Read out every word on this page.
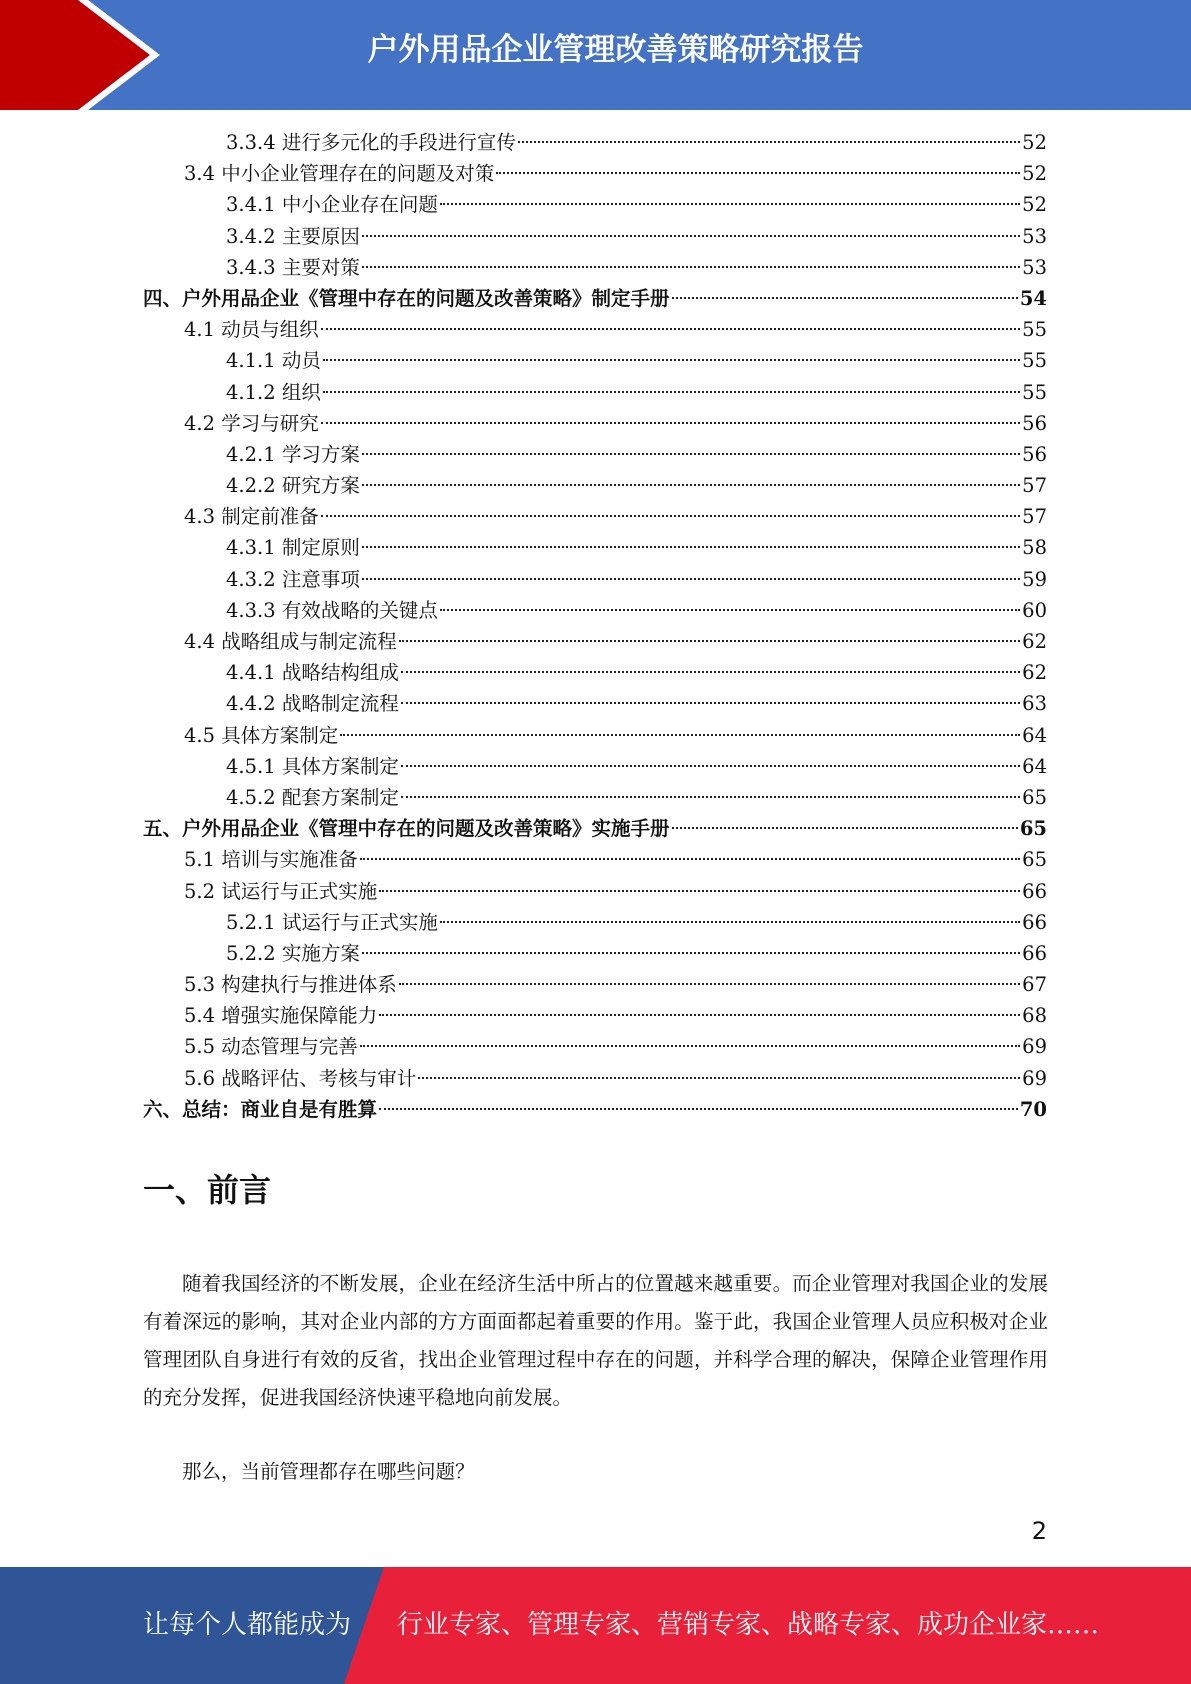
户外用品企业管理改善策略研究报告
3.3.4 进行多元化的手段进行宣传	52
3.4 中小企业管理存在的问题及对策	52
3.4.1 中小企业存在问题	52
3.4.2 主要原因	53
3.4.3 主要对策	53
四、户外用品企业《管理中存在的问题及改善策略》制定手册	54
4.1 动员与组织	55
4.1.1 动员	55
4.1.2 组织	55
4.2 学习与研究	56
4.2.1 学习方案	56
4.2.2 研究方案	57
4.3 制定前准备	57
4.3.1 制定原则	58
4.3.2 注意事项	59
4.3.3 有效战略的关键点	60
4.4 战略组成与制定流程	62
4.4.1 战略结构组成	62
4.4.2 战略制定流程	63
4.5 具体方案制定	64
4.5.1 具体方案制定	64
4.5.2 配套方案制定	65
五、户外用品企业《管理中存在的问题及改善策略》实施手册	65
5.1 培训与实施准备	65
5.2 试运行与正式实施	66
5.2.1 试运行与正式实施	66
5.2.2 实施方案	66
5.3 构建执行与推进体系	67
5.4 增强实施保障能力	68
5.5 动态管理与完善	69
5.6 战略评估、考核与审计	69
六、总结：商业自是有胜算	70
一、前言

随着我国经济的不断发展，企业在经济生活中所占的位置越来越重要。而企业管理对我国企业的发展有着深远的影响，其对企业内部的方方面面都起着重要的作用。鉴于此，我国企业管理人员应积极对企业管理团队自身进行有效的反省，找出企业管理过程中存在的问题，并科学合理的解决，保障企业管理作用的充分发挥，促进我国经济快速平稳地向前发展。

那么，当前管理都存在哪些问题？

2
让每个人都能成为 行业专家、管理专家、营销专家、战略专家、成功企业家……
